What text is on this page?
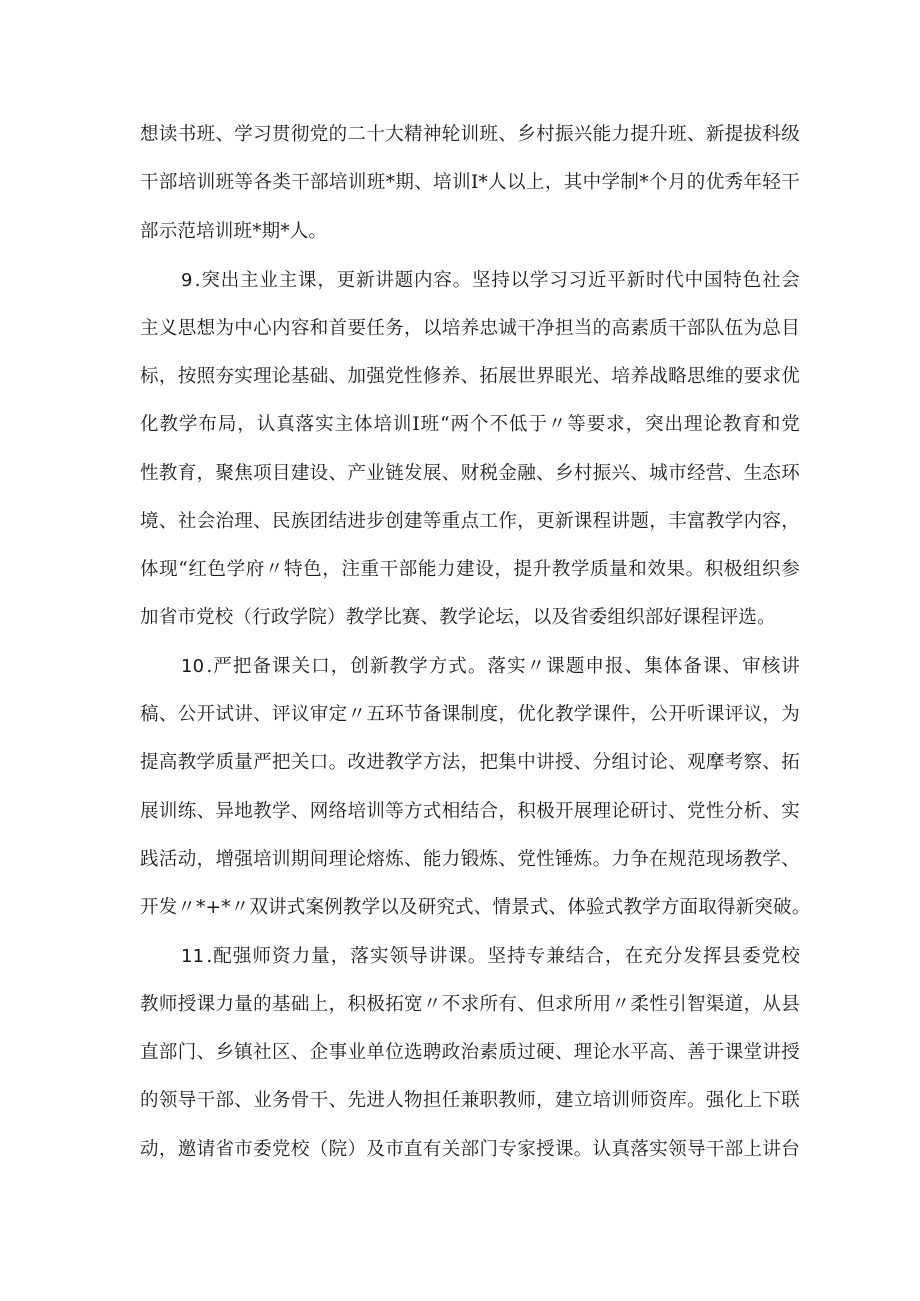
想读书班、学习贯彻党的二十大精神轮训班、乡村振兴能力提升班、新提拔科级
干部培训班等各类干部培训班*期、培训I*人以上，其中学制*个月的优秀年轻干
部示范培训班*期*人。
9 .突出主业主课，更新讲题内容。坚持以学习习近平新时代中国特色社会
主义思想为中心内容和首要任务，以培养忠诚干净担当的高素质干部队伍为总目
标，按照夯实理论基础、加强党性修养、拓展世界眼光、培养战略思维的要求优
化教学布局，认真落实主体培训I班“两个不低于〃等要求，突出理论教育和党
性教育，聚焦项目建设、产业链发展、财税金融、乡村振兴、城市经营、生态环
境、社会治理、民族团结进步创建等重点工作，更新课程讲题，丰富教学内容，
体现“红色学府〃特色，注重干部能力建设，提升教学质量和效果。积极组织参
加省市党校（行政学院）教学比赛、教学论坛，以及省委组织部好课程评选。
10 .严把备课关口，创新教学方式。落实〃课题申报、集体备课、审核讲
稿、公开试讲、评议审定〃五环节备课制度，优化教学课件，公开听课评议，为
提高教学质量严把关口。改进教学方法，把集中讲授、分组讨论、观摩考察、拓
展训练、异地教学、网络培训等方式相结合，积极开展理论研讨、党性分析、实
践活动，增强培训期间理论熔炼、能力锻炼、党性锤炼。力争在规范现场教学、
开发〃*+*〃双讲式案例教学以及研究式、情景式、体验式教学方面取得新突破。
11 .配强师资力量，落实领导讲课。坚持专兼结合，在充分发挥县委党校
教师授课力量的基础上，积极拓宽〃不求所有、但求所用〃柔性引智渠道，从县
直部门、乡镇社区、企事业单位选聘政治素质过硬、理论水平高、善于课堂讲授
的领导干部、业务骨干、先进人物担任兼职教师，建立培训师资库。强化上下联
动，邀请省市委党校（院）及市直有关部门专家授课。认真落实领导干部上讲台
